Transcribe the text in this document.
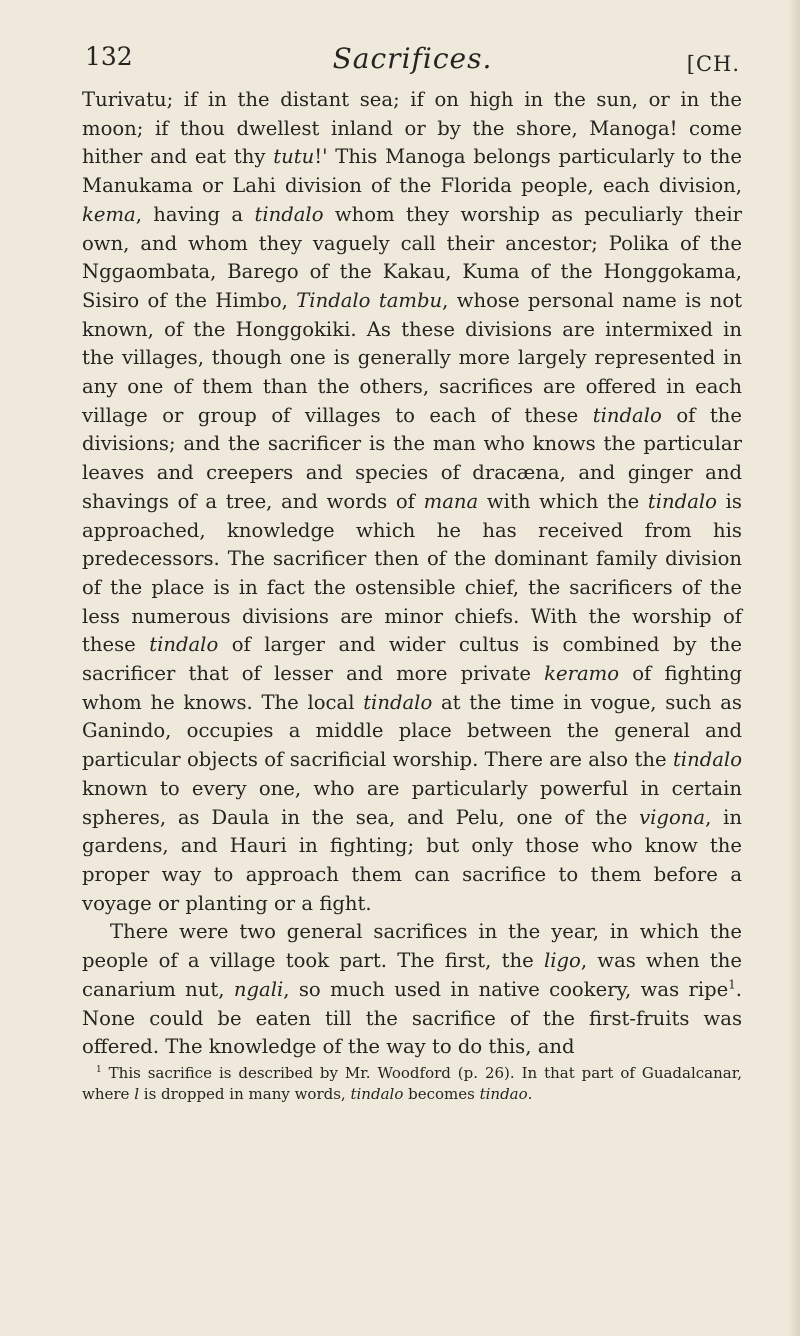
132	Sacrifices.	[CH.

Turivatu; if in the distant sea; if on high in the sun, or in the moon; if thou dwellest inland or by the shore, Manoga! come hither and eat thy tutu!' This Manoga belongs particularly to the Manukama or Lahi division of the Florida people, each division, kema, having a tindalo whom they worship as peculiarly their own, and whom they vaguely call their ancestor; Polika of the Nggaombata, Barego of the Kakau, Kuma of the Honggokama, Sisiro of the Himbo, Tindalo tambu, whose personal name is not known, of the Honggokiki. As these divisions are intermixed in the villages, though one is generally more largely represented in any one of them than the others, sacrifices are offered in each village or group of villages to each of these tindalo of the divisions; and the sacrificer is the man who knows the particular leaves and creepers and species of dracæna, and ginger and shavings of a tree, and words of mana with which the tindalo is approached, knowledge which he has received from his predecessors. The sacrificer then of the dominant family division of the place is in fact the ostensible chief, the sacrificers of the less numerous divisions are minor chiefs. With the worship of these tindalo of larger and wider cultus is combined by the sacrificer that of lesser and more private keramo of fighting whom he knows. The local tindalo at the time in vogue, such as Ganindo, occupies a middle place between the general and particular objects of sacrificial worship. There are also the tindalo known to every one, who are particularly powerful in certain spheres, as Daula in the sea, and Pelu, one of the vigona, in gardens, and Hauri in fighting; but only those who know the proper way to approach them can sacrifice to them before a voyage or planting or a fight.

There were two general sacrifices in the year, in which the people of a village took part. The first, the ligo, was when the canarium nut, ngali, so much used in native cookery, was ripe$^1$. None could be eaten till the sacrifice of the first-fruits was offered. The knowledge of the way to do this, and

$^1$ This sacrifice is described by Mr. Woodford (p. 26). In that part of Guadalcanar, where l is dropped in many words, tindalo becomes tindao.
